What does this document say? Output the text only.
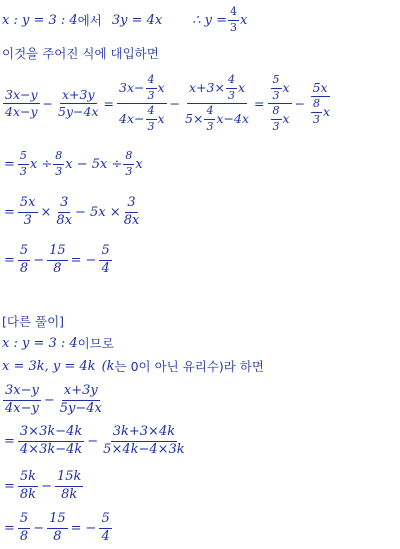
x : y = 3 : 4 에서 3y = 4x ∴ $y = \frac{4}{3}$ x
이것을 주어진 식에 대입하면
$\frac{3x-y}{4x-y} - \frac{x+3y}{5y-4x} = \frac{3x- \frac{4}{3} x}{4x- \frac{4}{3} x} - \frac{x+3\times \frac{4}{3} x}{5\times \frac{4}{3} x-4x} = \frac{\frac{5}{3} x}{\frac{8}{3} x} - \frac{5x}{\frac{8}{3} x}$
= $\frac{5}{3}$ $x \div \frac{8}{3}$ $x - 5x \div \frac{8}{3}$ x
= $\frac{5x}{3} \times \frac{3}{8x} - 5x \times \frac{3}{8x}$
= $\frac{5}{8} - \frac{15}{8}$ = − $\frac{5}{4}$
[다른 풀이]
x : y = 3 : 4 이므로
x = 3k, y = 4k (k 는 0이 아닌 유리수)라 하면
$\frac{3x-y}{4x-y} - \frac{x+3y}{5y-4x}$
= $\frac{3\times 3k-4k}{4\times 3k-4k} - \frac{3k+3\times 4k}{5\times 4k-4\times 3k}$
= $\frac{5k}{8k} - \frac{15k}{8k}$
= $\frac{5}{8} - \frac{15}{8}$ = − $\frac{5}{4}$
